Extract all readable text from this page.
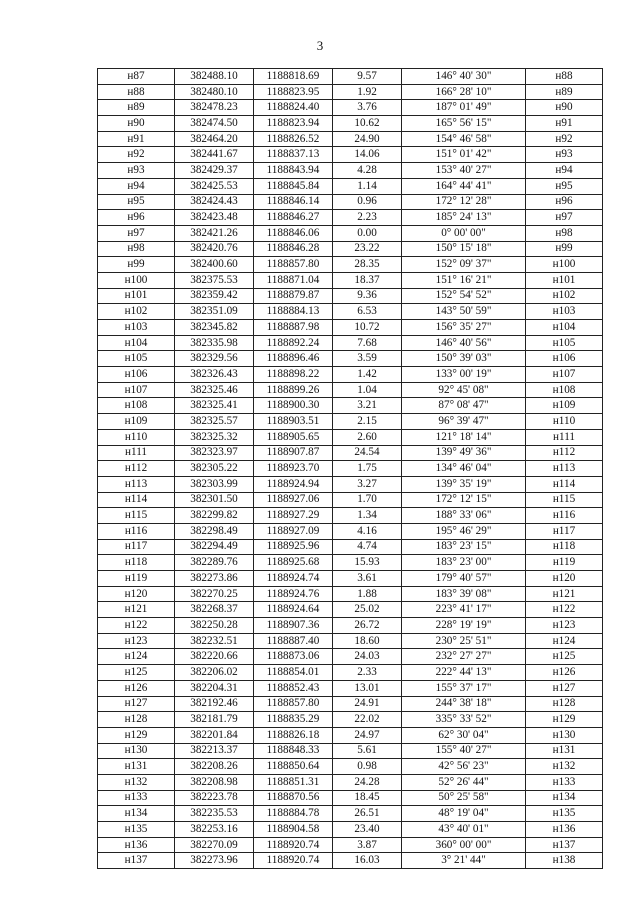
3
н87	382488.10	1188818.69	9.57	146° 40' 30"	н88
н88	382480.10	1188823.95	1.92	166° 28' 10"	н89
н89	382478.23	1188824.40	3.76	187° 01' 49"	н90
н90	382474.50	1188823.94	10.62	165° 56' 15"	н91
н91	382464.20	1188826.52	24.90	154° 46' 58"	н92
н92	382441.67	1188837.13	14.06	151° 01' 42"	н93
н93	382429.37	1188843.94	4.28	153° 40' 27"	н94
н94	382425.53	1188845.84	1.14	164° 44' 41"	н95
н95	382424.43	1188846.14	0.96	172° 12' 28"	н96
н96	382423.48	1188846.27	2.23	185° 24' 13"	н97
н97	382421.26	1188846.06	0.00	0° 00' 00"	н98
н98	382420.76	1188846.28	23.22	150° 15' 18"	н99
н99	382400.60	1188857.80	28.35	152° 09' 37"	н100
н100	382375.53	1188871.04	18.37	151° 16' 21"	н101
н101	382359.42	1188879.87	9.36	152° 54' 52"	н102
н102	382351.09	1188884.13	6.53	143° 50' 59"	н103
н103	382345.82	1188887.98	10.72	156° 35' 27"	н104
н104	382335.98	1188892.24	7.68	146° 40' 56"	н105
н105	382329.56	1188896.46	3.59	150° 39' 03"	н106
н106	382326.43	1188898.22	1.42	133° 00' 19"	н107
н107	382325.46	1188899.26	1.04	92° 45' 08"	н108
н108	382325.41	1188900.30	3.21	87° 08' 47"	н109
н109	382325.57	1188903.51	2.15	96° 39' 47"	н110
н110	382325.32	1188905.65	2.60	121° 18' 14"	н111
н111	382323.97	1188907.87	24.54	139° 49' 36"	н112
н112	382305.22	1188923.70	1.75	134° 46' 04"	н113
н113	382303.99	1188924.94	3.27	139° 35' 19"	н114
н114	382301.50	1188927.06	1.70	172° 12' 15"	н115
н115	382299.82	1188927.29	1.34	188° 33' 06"	н116
н116	382298.49	1188927.09	4.16	195° 46' 29"	н117
н117	382294.49	1188925.96	4.74	183° 23' 15"	н118
н118	382289.76	1188925.68	15.93	183° 23' 00"	н119
н119	382273.86	1188924.74	3.61	179° 40' 57"	н120
н120	382270.25	1188924.76	1.88	183° 39' 08"	н121
н121	382268.37	1188924.64	25.02	223° 41' 17"	н122
н122	382250.28	1188907.36	26.72	228° 19' 19"	н123
н123	382232.51	1188887.40	18.60	230° 25' 51"	н124
н124	382220.66	1188873.06	24.03	232° 27' 27"	н125
н125	382206.02	1188854.01	2.33	222° 44' 13"	н126
н126	382204.31	1188852.43	13.01	155° 37' 17"	н127
н127	382192.46	1188857.80	24.91	244° 38' 18"	н128
н128	382181.79	1188835.29	22.02	335° 33' 52"	н129
н129	382201.84	1188826.18	24.97	62° 30' 04"	н130
н130	382213.37	1188848.33	5.61	155° 40' 27"	н131
н131	382208.26	1188850.64	0.98	42° 56' 23"	н132
н132	382208.98	1188851.31	24.28	52° 26' 44"	н133
н133	382223.78	1188870.56	18.45	50° 25' 58"	н134
н134	382235.53	1188884.78	26.51	48° 19' 04"	н135
н135	382253.16	1188904.58	23.40	43° 40' 01"	н136
н136	382270.09	1188920.74	3.87	360° 00' 00"	н137
н137	382273.96	1188920.74	16.03	3° 21' 44"	н138
